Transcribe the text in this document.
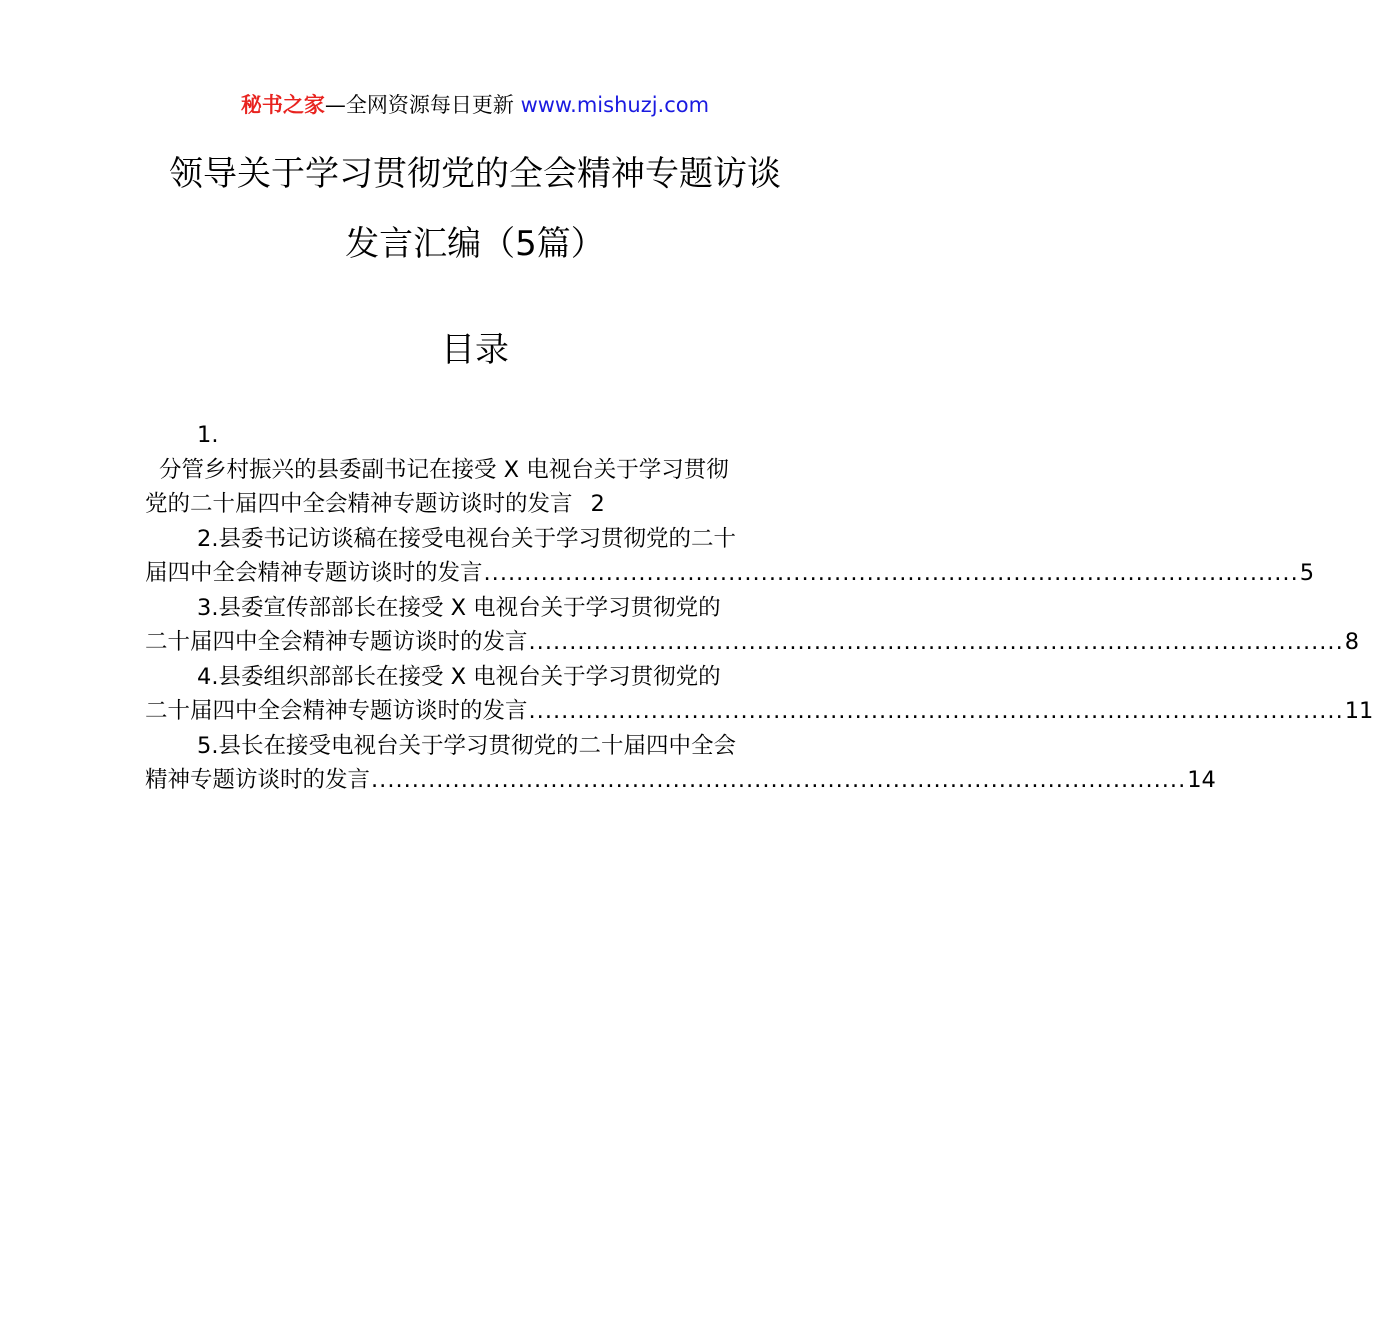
秘书之家—全网资源每日更新 www.mishuzj.com
领导关于学习贯彻党的全会精神专题访谈
发言汇编（5篇）
目录
1.
分管乡村振兴的县委副书记在接受 X 电视台关于学习贯彻
党的二十届四中全会精神专题访谈时的发言 2
2.县委书记访谈稿在接受电视台关于学习贯彻党的二十
届四中全会精神专题访谈时的发言 .................................................................................................... 5
3.县委宣传部部长在接受 X 电视台关于学习贯彻党的
二十届四中全会精神专题访谈时的发言 .................................................................................................... 8
4.县委组织部部长在接受 X 电视台关于学习贯彻党的
二十届四中全会精神专题访谈时的发言 .................................................................................................... 11
5.县长在接受电视台关于学习贯彻党的二十届四中全会
精神专题访谈时的发言 .................................................................................................... 14
